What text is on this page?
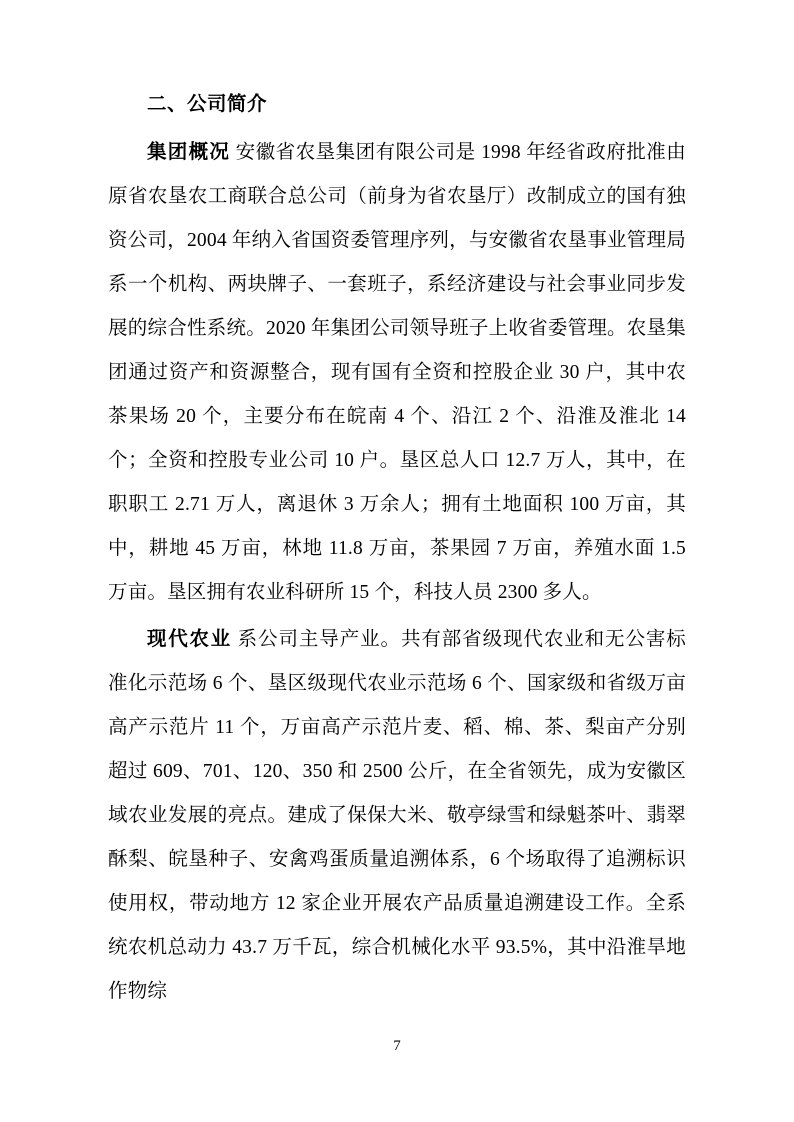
二、公司简介

集团概况 安徽省农垦集团有限公司是 1998 年经省政府批准由原省农垦农工商联合总公司（前身为省农垦厅）改制成立的国有独资公司，2004 年纳入省国资委管理序列，与安徽省农垦事业管理局系一个机构、两块牌子、一套班子，系经济建设与社会事业同步发展的综合性系统。2020 年集团公司领导班子上收省委管理。农垦集团通过资产和资源整合，现有国有全资和控股企业 30 户，其中农茶果场 20 个，主要分布在皖南 4 个、沿江 2 个、沿淮及淮北 14 个；全资和控股专业公司 10 户。垦区总人口 12.7 万人，其中，在职职工 2.71 万人，离退休 3 万余人；拥有土地面积 100 万亩，其中，耕地 45 万亩，林地 11.8 万亩，茶果园 7 万亩，养殖水面 1.5 万亩。垦区拥有农业科研所 15 个，科技人员 2300 多人。

现代农业 系公司主导产业。共有部省级现代农业和无公害标准化示范场 6 个、垦区级现代农业示范场 6 个、国家级和省级万亩高产示范片 11 个，万亩高产示范片麦、稻、棉、茶、梨亩产分别超过 609、701、120、350 和 2500 公斤，在全省领先，成为安徽区域农业发展的亮点。建成了保保大米、敬亭绿雪和绿魁茶叶、翡翠酥梨、皖垦种子、安禽鸡蛋质量追溯体系，6 个场取得了追溯标识使用权，带动地方 12 家企业开展农产品质量追溯建设工作。全系统农机总动力 43.7 万千瓦，综合机械化水平 93.5%，其中沿淮旱地作物综

7
